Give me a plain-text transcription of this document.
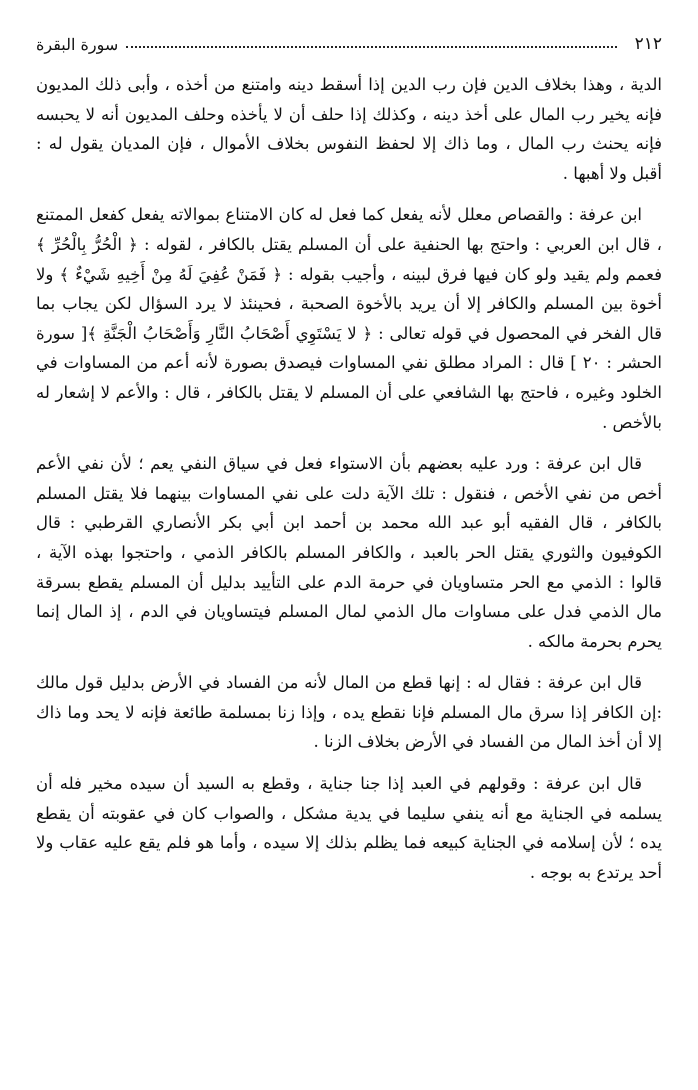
٢١٢
سورة البقرة

الدية ، وهذا بخلاف الدين فإن رب الدين إذا أسقط دينه وامتنع من أخذه ، وأبى ذلك المديون فإنه يخير رب المال على أخذ دينه ، وكذلك إذا حلف أن لا يأخذه وحلف المديون أنه لا يحبسه فإنه يحنث رب المال ، وما ذاك إلا لحفظ النفوس بخلاف الأموال ، فإن المديان يقول له : أقبل ولا أهبها .

ابن عرفة : والقصاص معلل لأنه يفعل كما فعل له كان الامتناع بموالاته يفعل كفعل الممتنع ، قال ابن العربي : واحتج بها الحنفية على أن المسلم يقتل بالكافر ، لقوله : ﴿ الْحُرُّ بِالْحُرِّ ﴾ فعمم ولم يقيد ولو كان فيها فرق لبينه ، وأجيب بقوله : ﴿ فَمَنْ عُفِيَ لَهُ مِنْ أَخِيهِ شَيْءٌ ﴾ ولا أخوة بين المسلم والكافر إلا أن يريد بالأخوة الصحبة ، فحينئذ لا يرد السؤال لكن يجاب بما قال الفخر في المحصول في قوله تعالى : ﴿ لا يَسْتَوِي أَصْحَابُ النَّارِ وَأَصْحَابُ الْجَنَّةِ ﴾[ سورة الحشر : ٢٠ ] قال : المراد مطلق نفي المساوات فيصدق بصورة لأنه أعم من المساوات في الخلود وغيره ، فاحتج بها الشافعي على أن المسلم لا يقتل بالكافر ، قال : والأعم لا إشعار له بالأخص .

قال ابن عرفة : ورد عليه بعضهم بأن الاستواء فعل في سياق النفي يعم ؛ لأن نفي الأعم أخص من نفي الأخص ، فنقول : تلك الآية دلت على نفي المساوات بينهما فلا يقتل المسلم بالكافر ، قال الفقيه أبو عبد الله محمد بن أحمد ابن أبي بكر الأنصاري القرطبي : قال الكوفيون والثوري يقتل الحر بالعبد ، والكافر المسلم بالكافر الذمي ، واحتجوا بهذه الآية ، قالوا : الذمي مع الحر متساويان في حرمة الدم على التأييد بدليل أن المسلم يقطع بسرقة مال الذمي فدل على مساوات مال الذمي لمال المسلم فيتساويان في الدم ، إذ المال إنما يحرم بحرمة مالكه .

قال ابن عرفة : فقال له : إنها قطع من المال لأنه من الفساد في الأرض بدليل قول مالك :إن الكافر إذا سرق مال المسلم فإنا نقطع يده ، وإذا زنا بمسلمة طائعة فإنه لا يحد وما ذاك إلا أن أخذ المال من الفساد في الأرض بخلاف الزنا .

قال ابن عرفة : وقولهم في العبد إذا جنا جناية ، وقطع به السيد أن سيده مخير فله أن يسلمه في الجناية مع أنه ينفي سليما في يدية مشكل ، والصواب كان في عقوبته أن يقطع يده ؛ لأن إسلامه في الجناية كبيعه فما يظلم بذلك إلا سيده ، وأما هو فلم يقع عليه عقاب ولا أحد يرتدع به بوجه .
